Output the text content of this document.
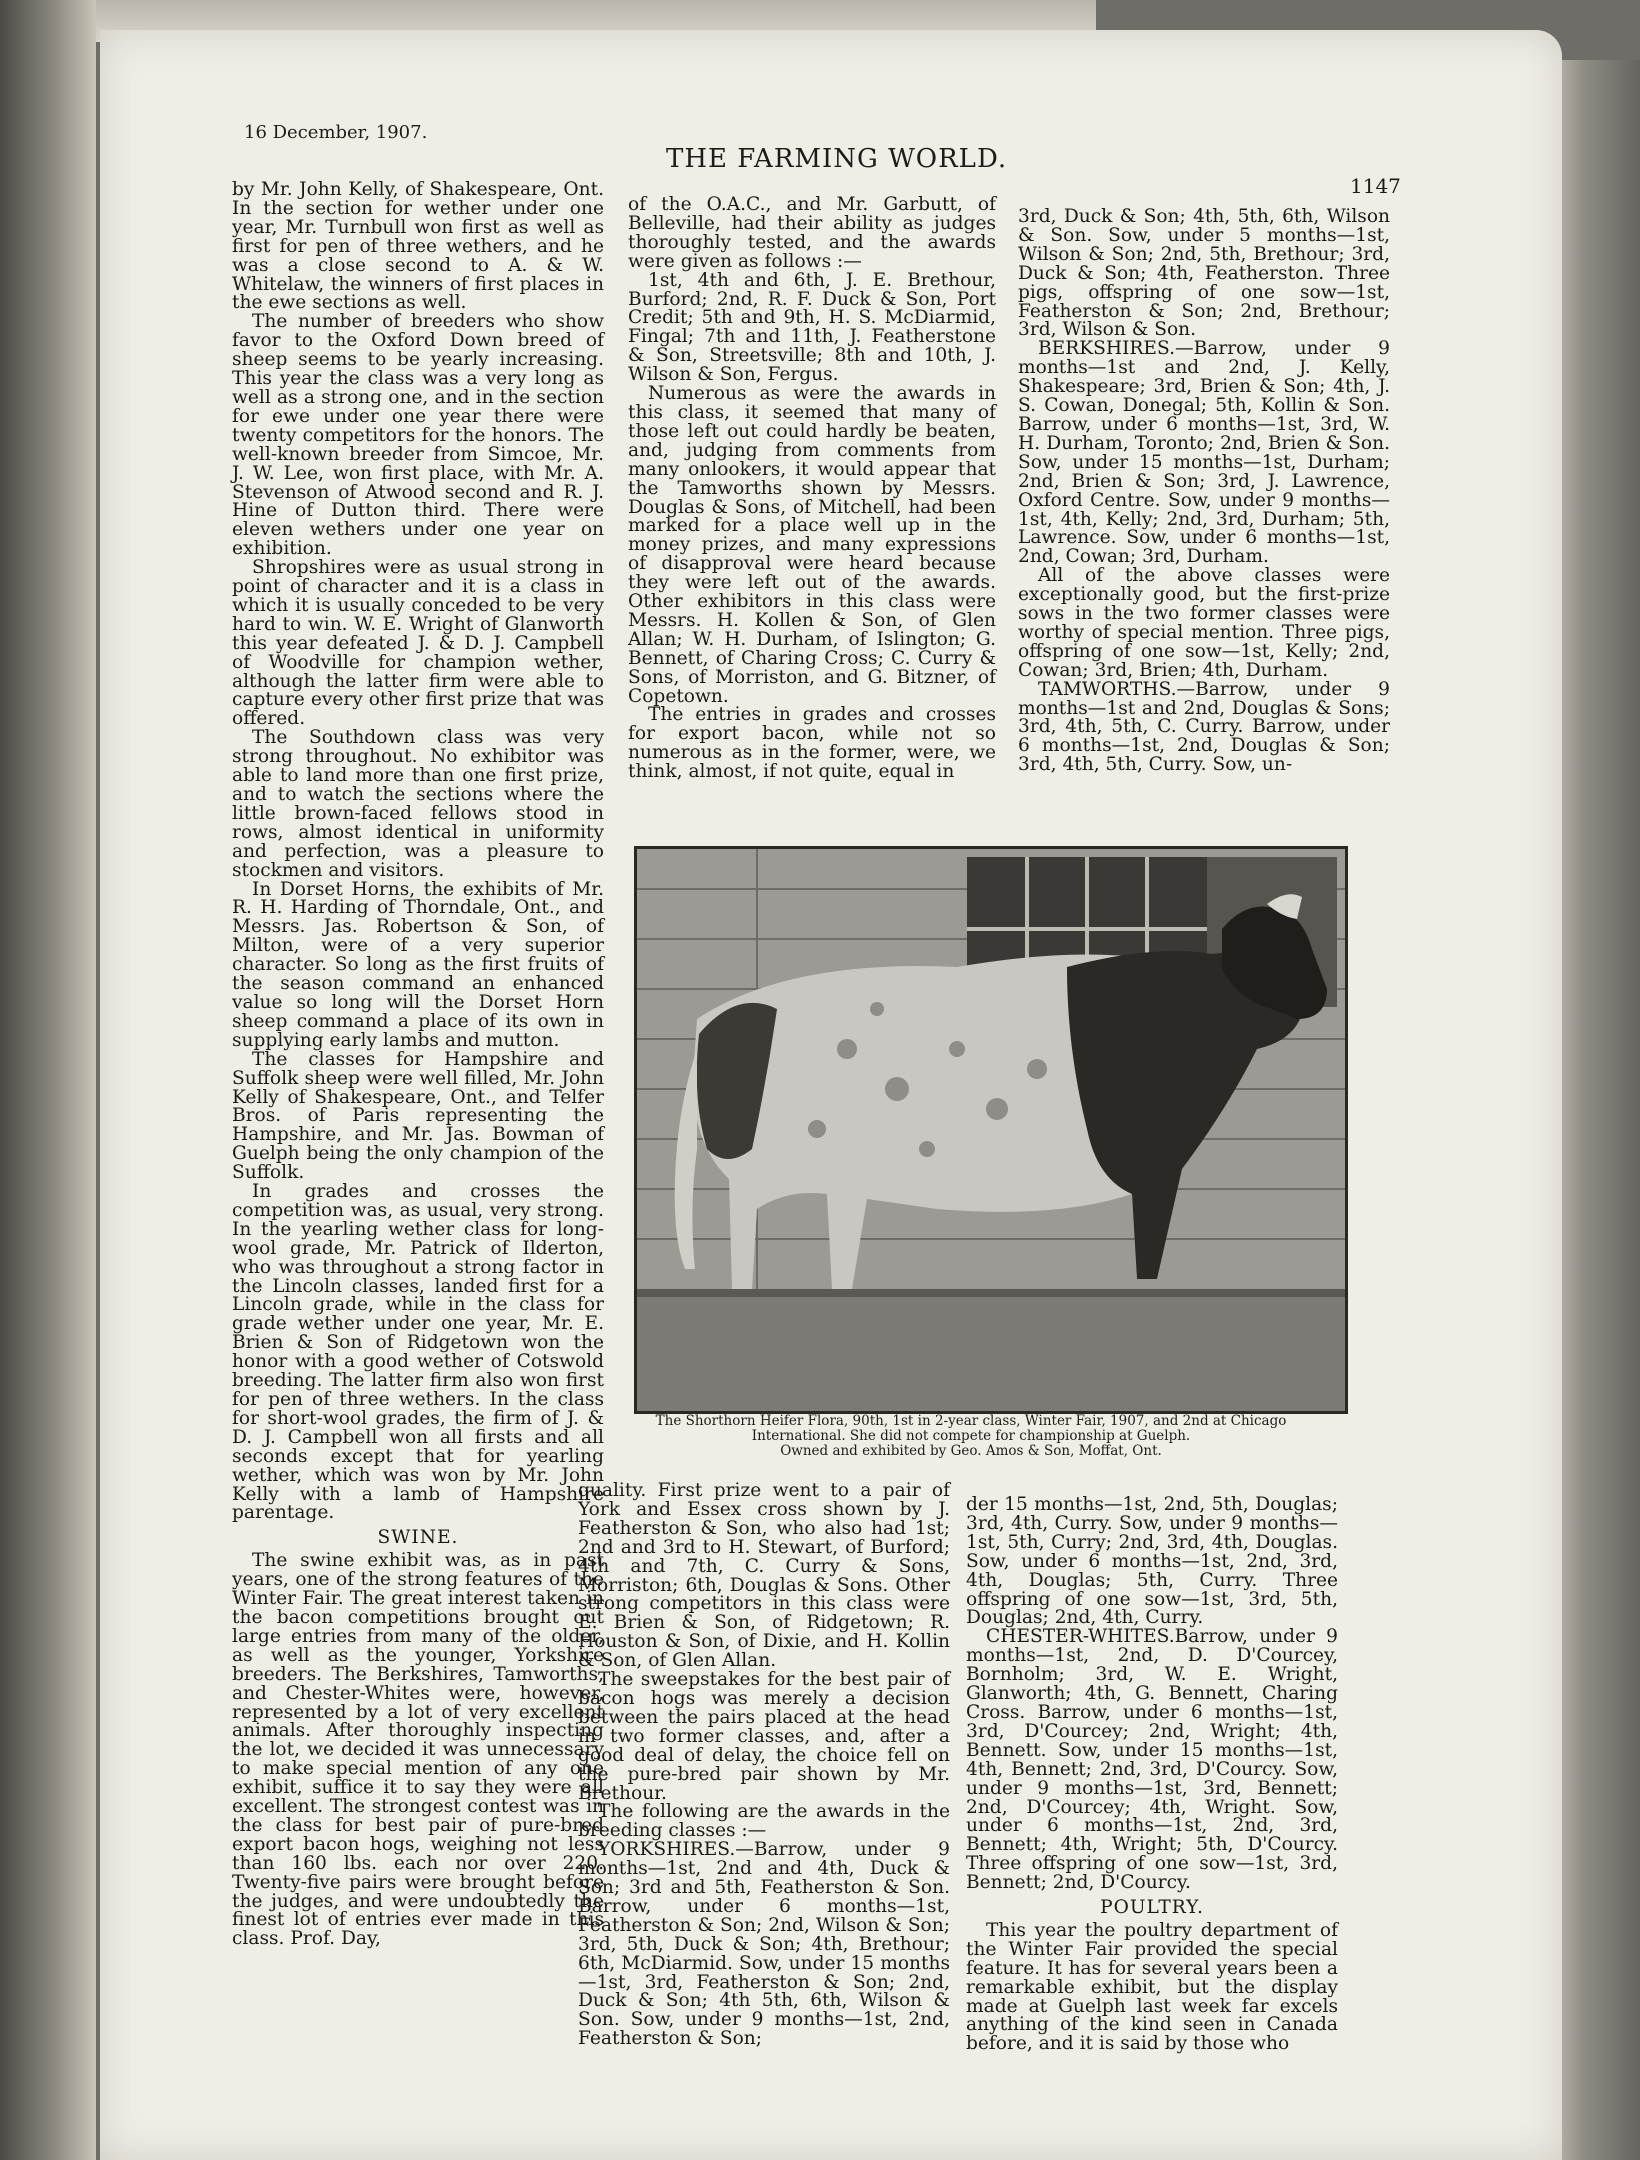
16 December, 1907.
THE FARMING WORLD.
1147

by Mr. John Kelly, of Shakespeare, Ont. In the section for wether under one year, Mr. Turnbull won first as well as first for pen of three wethers, and he was a close second to A. & W. Whitelaw, the winners of first places in the ewe sections as well.

The number of breeders who show favor to the Oxford Down breed of sheep seems to be yearly increasing. This year the class was a very long as well as a strong one, and in the section for ewe under one year there were twenty competitors for the honors. The well-known breeder from Simcoe, Mr. J. W. Lee, won first place, with Mr. A. Stevenson of Atwood second and R. J. Hine of Dutton third. There were eleven wethers under one year on exhibition.

Shropshires were as usual strong in point of character and it is a class in which it is usually conceded to be very hard to win. W. E. Wright of Glanworth this year defeated J. & D. J. Campbell of Woodville for champion wether, although the latter firm were able to capture every other first prize that was offered.

The Southdown class was very strong throughout. No exhibitor was able to land more than one first prize, and to watch the sections where the little brown-faced fellows stood in rows, almost identical in uniformity and perfection, was a pleasure to stockmen and visitors.

In Dorset Horns, the exhibits of Mr. R. H. Harding of Thorndale, Ont., and Messrs. Jas. Robertson & Son, of Milton, were of a very superior character. So long as the first fruits of the season command an enhanced value so long will the Dorset Horn sheep command a place of its own in supplying early lambs and mutton.

The classes for Hampshire and Suffolk sheep were well filled, Mr. John Kelly of Shakespeare, Ont., and Telfer Bros. of Paris representing the Hampshire, and Mr. Jas. Bowman of Guelph being the only champion of the Suffolk.

In grades and crosses the competition was, as usual, very strong. In the yearling wether class for long-wool grade, Mr. Patrick of Ilderton, who was throughout a strong factor in the Lincoln classes, landed first for a Lincoln grade, while in the class for grade wether under one year, Mr. E. Brien & Son of Ridgetown won the honor with a good wether of Cotswold breeding. The latter firm also won first for pen of three wethers. In the class for short-wool grades, the firm of J. & D. J. Campbell won all firsts and all seconds except that for yearling wether, which was won by Mr. John Kelly with a lamb of Hampshire parentage.

SWINE.

The swine exhibit was, as in past years, one of the strong features of the Winter Fair. The great interest taken in the bacon competitions brought out large entries from many of the older, as well as the younger, Yorkshire breeders. The Berkshires, Tamworths, and Chester-Whites were, however, represented by a lot of very excellent animals. After thoroughly inspecting the lot, we decided it was unnecessary to make special mention of any one exhibit, suffice it to say they were all excellent. The strongest contest was in the class for best pair of pure-bred export bacon hogs, weighing not less than 160 lbs. each nor over 220. Twenty-five pairs were brought before the judges, and were undoubtedly the finest lot of entries ever made in this class. Prof. Day,

of the O.A.C., and Mr. Garbutt, of Belleville, had their ability as judges thoroughly tested, and the awards were given as follows :—

1st, 4th and 6th, J. E. Brethour, Burford; 2nd, R. F. Duck & Son, Port Credit; 5th and 9th, H. S. McDiarmid, Fingal; 7th and 11th, J. Featherstone & Son, Streetsville; 8th and 10th, J. Wilson & Son, Fergus.

Numerous as were the awards in this class, it seemed that many of those left out could hardly be beaten, and, judging from comments from many onlookers, it would appear that the Tamworths shown by Messrs. Douglas & Sons, of Mitchell, had been marked for a place well up in the money prizes, and many expressions of disapproval were heard because they were left out of the awards. Other exhibitors in this class were Messrs. H. Kollen & Son, of Glen Allan; W. H. Durham, of Islington; G. Bennett, of Charing Cross; C. Curry & Sons, of Morriston, and G. Bitzner, of Copetown.

The entries in grades and crosses for export bacon, while not so numerous as in the former, were, we think, almost, if not quite, equal in

3rd, Duck & Son; 4th, 5th, 6th, Wilson & Son. Sow, under 5 months—1st, Wilson & Son; 2nd, 5th, Brethour; 3rd, Duck & Son; 4th, Featherston. Three pigs, offspring of one sow—1st, Featherston & Son; 2nd, Brethour; 3rd, Wilson & Son.

BERKSHIRES.—Barrow, under 9 months—1st and 2nd, J. Kelly, Shakespeare; 3rd, Brien & Son; 4th, J. S. Cowan, Donegal; 5th, Kollin & Son. Barrow, under 6 months—1st, 3rd, W. H. Durham, Toronto; 2nd, Brien & Son. Sow, under 15 months—1st, Durham; 2nd, Brien & Son; 3rd, J. Lawrence, Oxford Centre. Sow, under 9 months—1st, 4th, Kelly; 2nd, 3rd, Durham; 5th, Lawrence. Sow, under 6 months—1st, 2nd, Cowan; 3rd, Durham.

All of the above classes were exceptionally good, but the first-prize sows in the two former classes were worthy of special mention. Three pigs, offspring of one sow—1st, Kelly; 2nd, Cowan; 3rd, Brien; 4th, Durham.

TAMWORTHS.—Barrow, under 9 months—1st and 2nd, Douglas & Sons; 3rd, 4th, 5th, C. Curry. Barrow, under 6 months—1st, 2nd, Douglas & Son; 3rd, 4th, 5th, Curry. Sow, un-

The Shorthorn Heifer Flora, 90th, 1st in 2-year class, Winter Fair, 1907, and 2nd at Chicago International. She did not compete for championship at Guelph.
Owned and exhibited by Geo. Amos & Son, Moffat, Ont.

quality. First prize went to a pair of York and Essex cross shown by J. Featherston & Son, who also had 1st; 2nd and 3rd to H. Stewart, of Burford; 4th and 7th, C. Curry & Sons, Morriston; 6th, Douglas & Sons. Other strong competitors in this class were E. Brien & Son, of Ridgetown; R. Houston & Son, of Dixie, and H. Kollin & Son, of Glen Allan.

The sweepstakes for the best pair of bacon hogs was merely a decision between the pairs placed at the head in two former classes, and, after a good deal of delay, the choice fell on the pure-bred pair shown by Mr. Brethour.

The following are the awards in the breeding classes :—

YORKSHIRES.—Barrow, under 9 months—1st, 2nd and 4th, Duck & Son; 3rd and 5th, Featherston & Son. Barrow, under 6 months—1st, Featherston & Son; 2nd, Wilson & Son; 3rd, 5th, Duck & Son; 4th, Brethour; 6th, McDiarmid. Sow, under 15 months—1st, 3rd, Featherston & Son; 2nd, Duck & Son; 4th 5th, 6th, Wilson & Son. Sow, under 9 months—1st, 2nd, Featherston & Son;

der 15 months—1st, 2nd, 5th, Douglas; 3rd, 4th, Curry. Sow, under 9 months—1st, 5th, Curry; 2nd, 3rd, 4th, Douglas. Sow, under 6 months—1st, 2nd, 3rd, 4th, Douglas; 5th, Curry. Three offspring of one sow—1st, 3rd, 5th, Douglas; 2nd, 4th, Curry.

CHESTER-WHITES.Barrow, under 9 months—1st, 2nd, D. D'Courcey, Bornholm; 3rd, W. E. Wright, Glanworth; 4th, G. Bennett, Charing Cross. Barrow, under 6 months—1st, 3rd, D'Courcey; 2nd, Wright; 4th, Bennett. Sow, under 15 months—1st, 4th, Bennett; 2nd, 3rd, D'Courcy. Sow, under 9 months—1st, 3rd, Bennett; 2nd, D'Courcey; 4th, Wright. Sow, under 6 months—1st, 2nd, 3rd, Bennett; 4th, Wright; 5th, D'Courcy. Three offspring of one sow—1st, 3rd, Bennett; 2nd, D'Courcy.

POULTRY.

This year the poultry department of the Winter Fair provided the special feature. It has for several years been a remarkable exhibit, but the display made at Guelph last week far excels anything of the kind seen in Canada before, and it is said by those who
